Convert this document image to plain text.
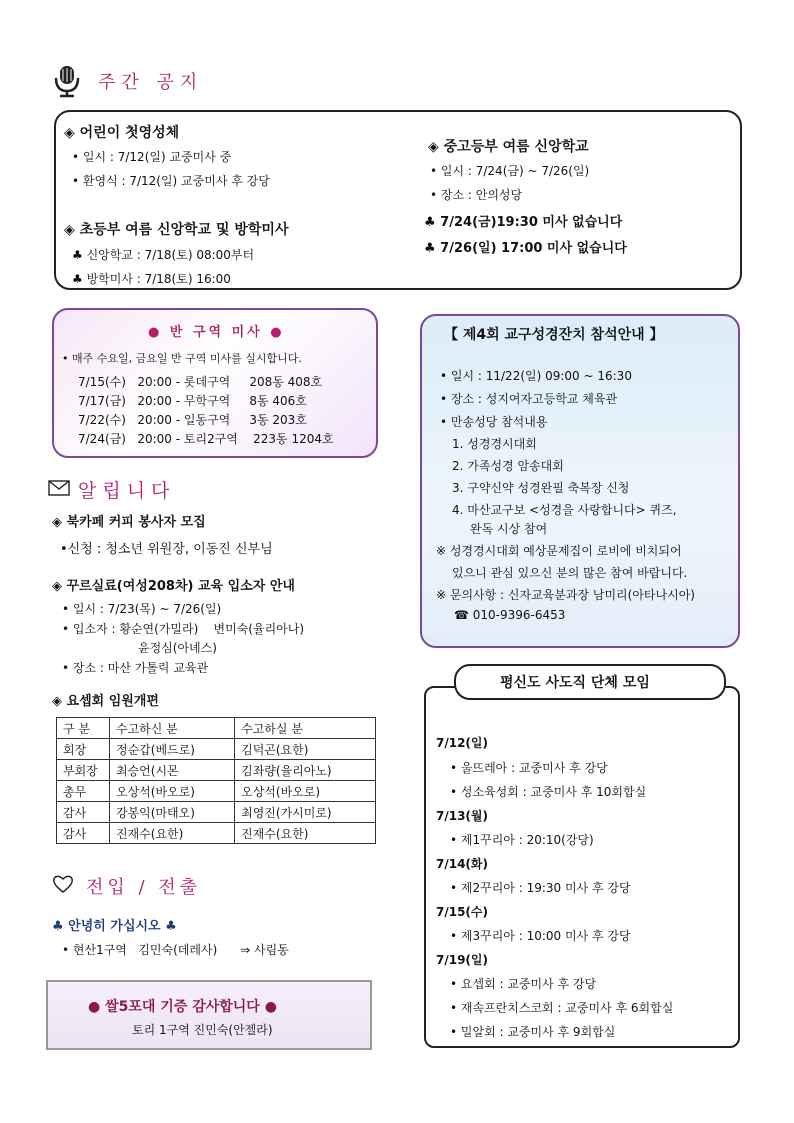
주간 공지
◈ 어린이 첫영성체
• 일시 : 7/12(일) 교중미사 중
• 환영식 : 7/12(일) 교중미사 후 강당
◈ 초등부 여름 신앙학교 및 방학미사
♣ 신앙학교 : 7/18(토) 08:00부터
♣ 방학미사 : 7/18(토) 16:00
◈ 중고등부 여름 신앙학교
• 일시 : 7/24(금) ~ 7/26(일)
• 장소 : 안의성당
♣ 7/24(금)19:30 미사 없습니다
♣ 7/26(일) 17:00 미사 없습니다
● 반 구역 미사 ●
• 매주 수요일, 금요일 반 구역 미사를 실시합니다.
7/15(수)   20:00 - 롯데구역     208동 408호
7/17(금)   20:00 - 무학구역     8동 406호
7/22(수)   20:00 - 일동구역     3동 203호
7/24(금)   20:00 - 토리2구역    223동 1204호
【 제4회 교구성경잔치 참석안내 】
• 일시 : 11/22(일) 09:00 ~ 16:30
• 장소 : 성지여자고등학교 체육관
• 만송성당 참석내용
1. 성경경시대회
2. 가족성경 암송대회
3. 구약신약 성경완필 축복장 신청
4. 마산교구보 <성경을 사랑합니다> 퀴즈,
완독 시상 참여
※ 성경경시대회 예상문제집이 로비에 비치되어
있으니 관심 있으신 분의 많은 참여 바랍니다.
※ 문의사항 : 신자교육분과장 남미리(아타나시아)
☎ 010-9396-6453
알립니다
◈ 북카페 커피 봉사자 모집
•신청 : 청소년 위원장, 이동진 신부님
◈ 꾸르실료(여성208차) 교육 입소자 안내
• 일시 : 7/23(목) ~ 7/26(일)
• 입소자 : 황순연(가밀라)    변미숙(율리아나)
윤정심(아녜스)
• 장소 : 마산 가톨릭 교육관
◈ 요셉회 임원개편
구 분	수고하신 분	수고하실 분
회장	정순갑(베드로)	김덕곤(요한)
부회장	최승언(시몬	김좌량(율리아노)
총무	오상석(바오로)	오상석(바오로)
감사	강봉익(마태오)	최영진(가시미로)
감사	진재수(요한)	진재수(요한)
전입 / 전출
♣ 안녕히 가십시오 ♣
• 현산1구역   김민숙(데레사)      ⇒ 사림동
● 쌀5포대 기증 감사합니다 ●
토리 1구역 진민숙(안젤라)
평신도 사도직 단체 모임
7/12(일)
• 울뜨레아 : 교중미사 후 강당
• 성소육성회 : 교중미사 후 10회합실
7/13(월)
• 제1꾸리아 : 20:10(강당)
7/14(화)
• 제2꾸리아 : 19:30 미사 후 강당
7/15(수)
• 제3꾸리아 : 10:00 미사 후 강당
7/19(일)
• 요셉회 : 교중미사 후 강당
• 재속프란치스코회 : 교중미사 후 6회합실
• 밀알회 : 교중미사 후 9회합실
